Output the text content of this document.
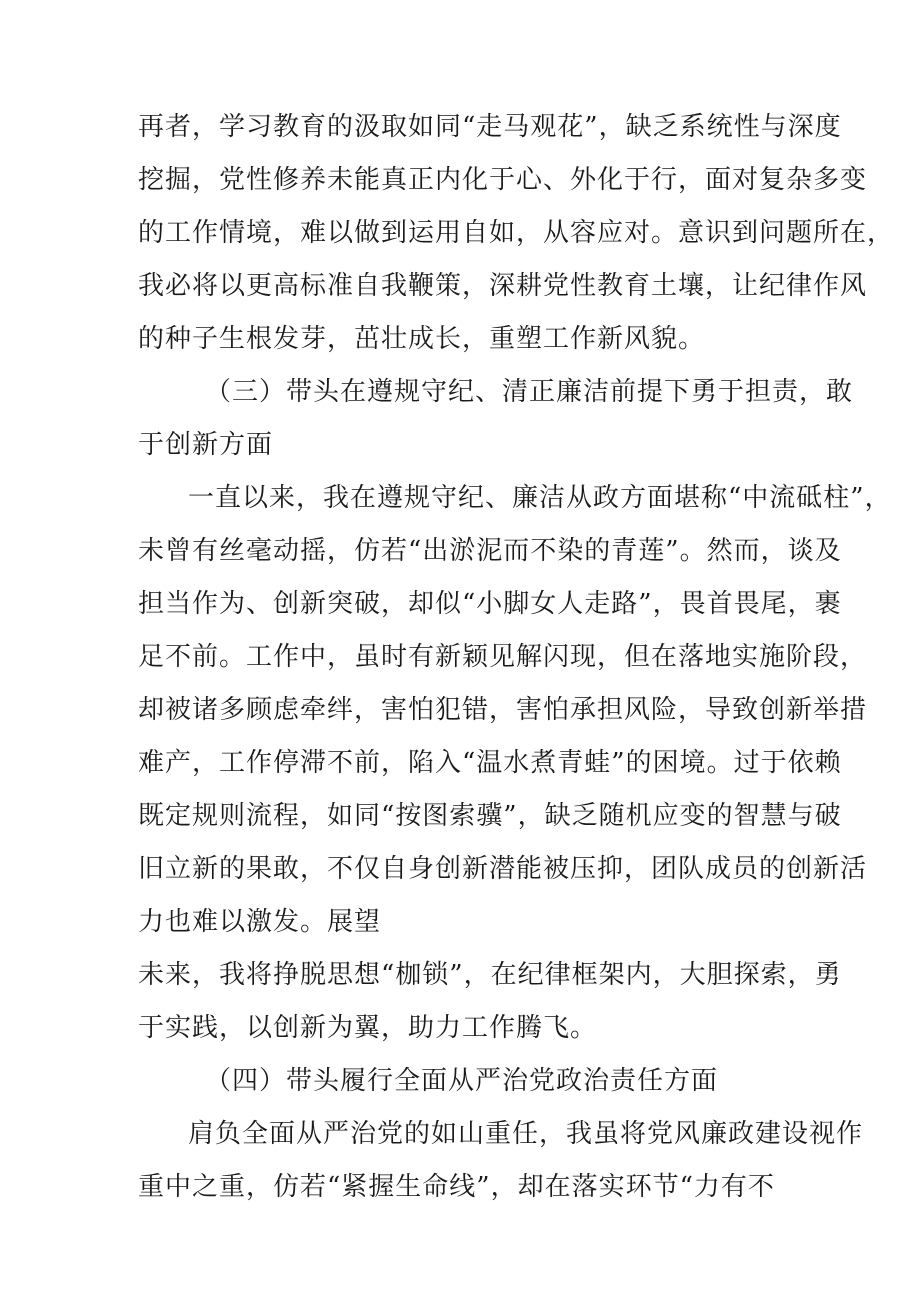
再者，学习教育的汲取如同“走马观花”，缺乏系统性与深度
挖掘，党性修养未能真正内化于心、外化于行，面对复杂多变
的工作情境，难以做到运用自如，从容应对。意识到问题所在，
我必将以更高标准自我鞭策，深耕党性教育土壤，让纪律作风
的种子生根发芽，茁壮成长，重塑工作新风貌。
（三）带头在遵规守纪、清正廉洁前提下勇于担责，敢
于创新方面
一直以来，我在遵规守纪、廉洁从政方面堪称“中流砥柱”，
未曾有丝毫动摇，仿若“出淤泥而不染的青莲”。然而，谈及
担当作为、创新突破，却似“小脚女人走路”，畏首畏尾，裹
足不前。工作中，虽时有新颖见解闪现，但在落地实施阶段，
却被诸多顾虑牵绊，害怕犯错，害怕承担风险，导致创新举措
难产，工作停滞不前，陷入“温水煮青蛙”的困境。过于依赖
既定规则流程，如同“按图索骥”，缺乏随机应变的智慧与破
旧立新的果敢，不仅自身创新潜能被压抑，团队成员的创新活
力也难以激发。展望
未来，我将挣脱思想“枷锁”，在纪律框架内，大胆探索，勇
于实践，以创新为翼，助力工作腾飞。
（四）带头履行全面从严治党政治责任方面
肩负全面从严治党的如山重任，我虽将党风廉政建设视作
重中之重，仿若“紧握生命线”，却在落实环节“力有不
